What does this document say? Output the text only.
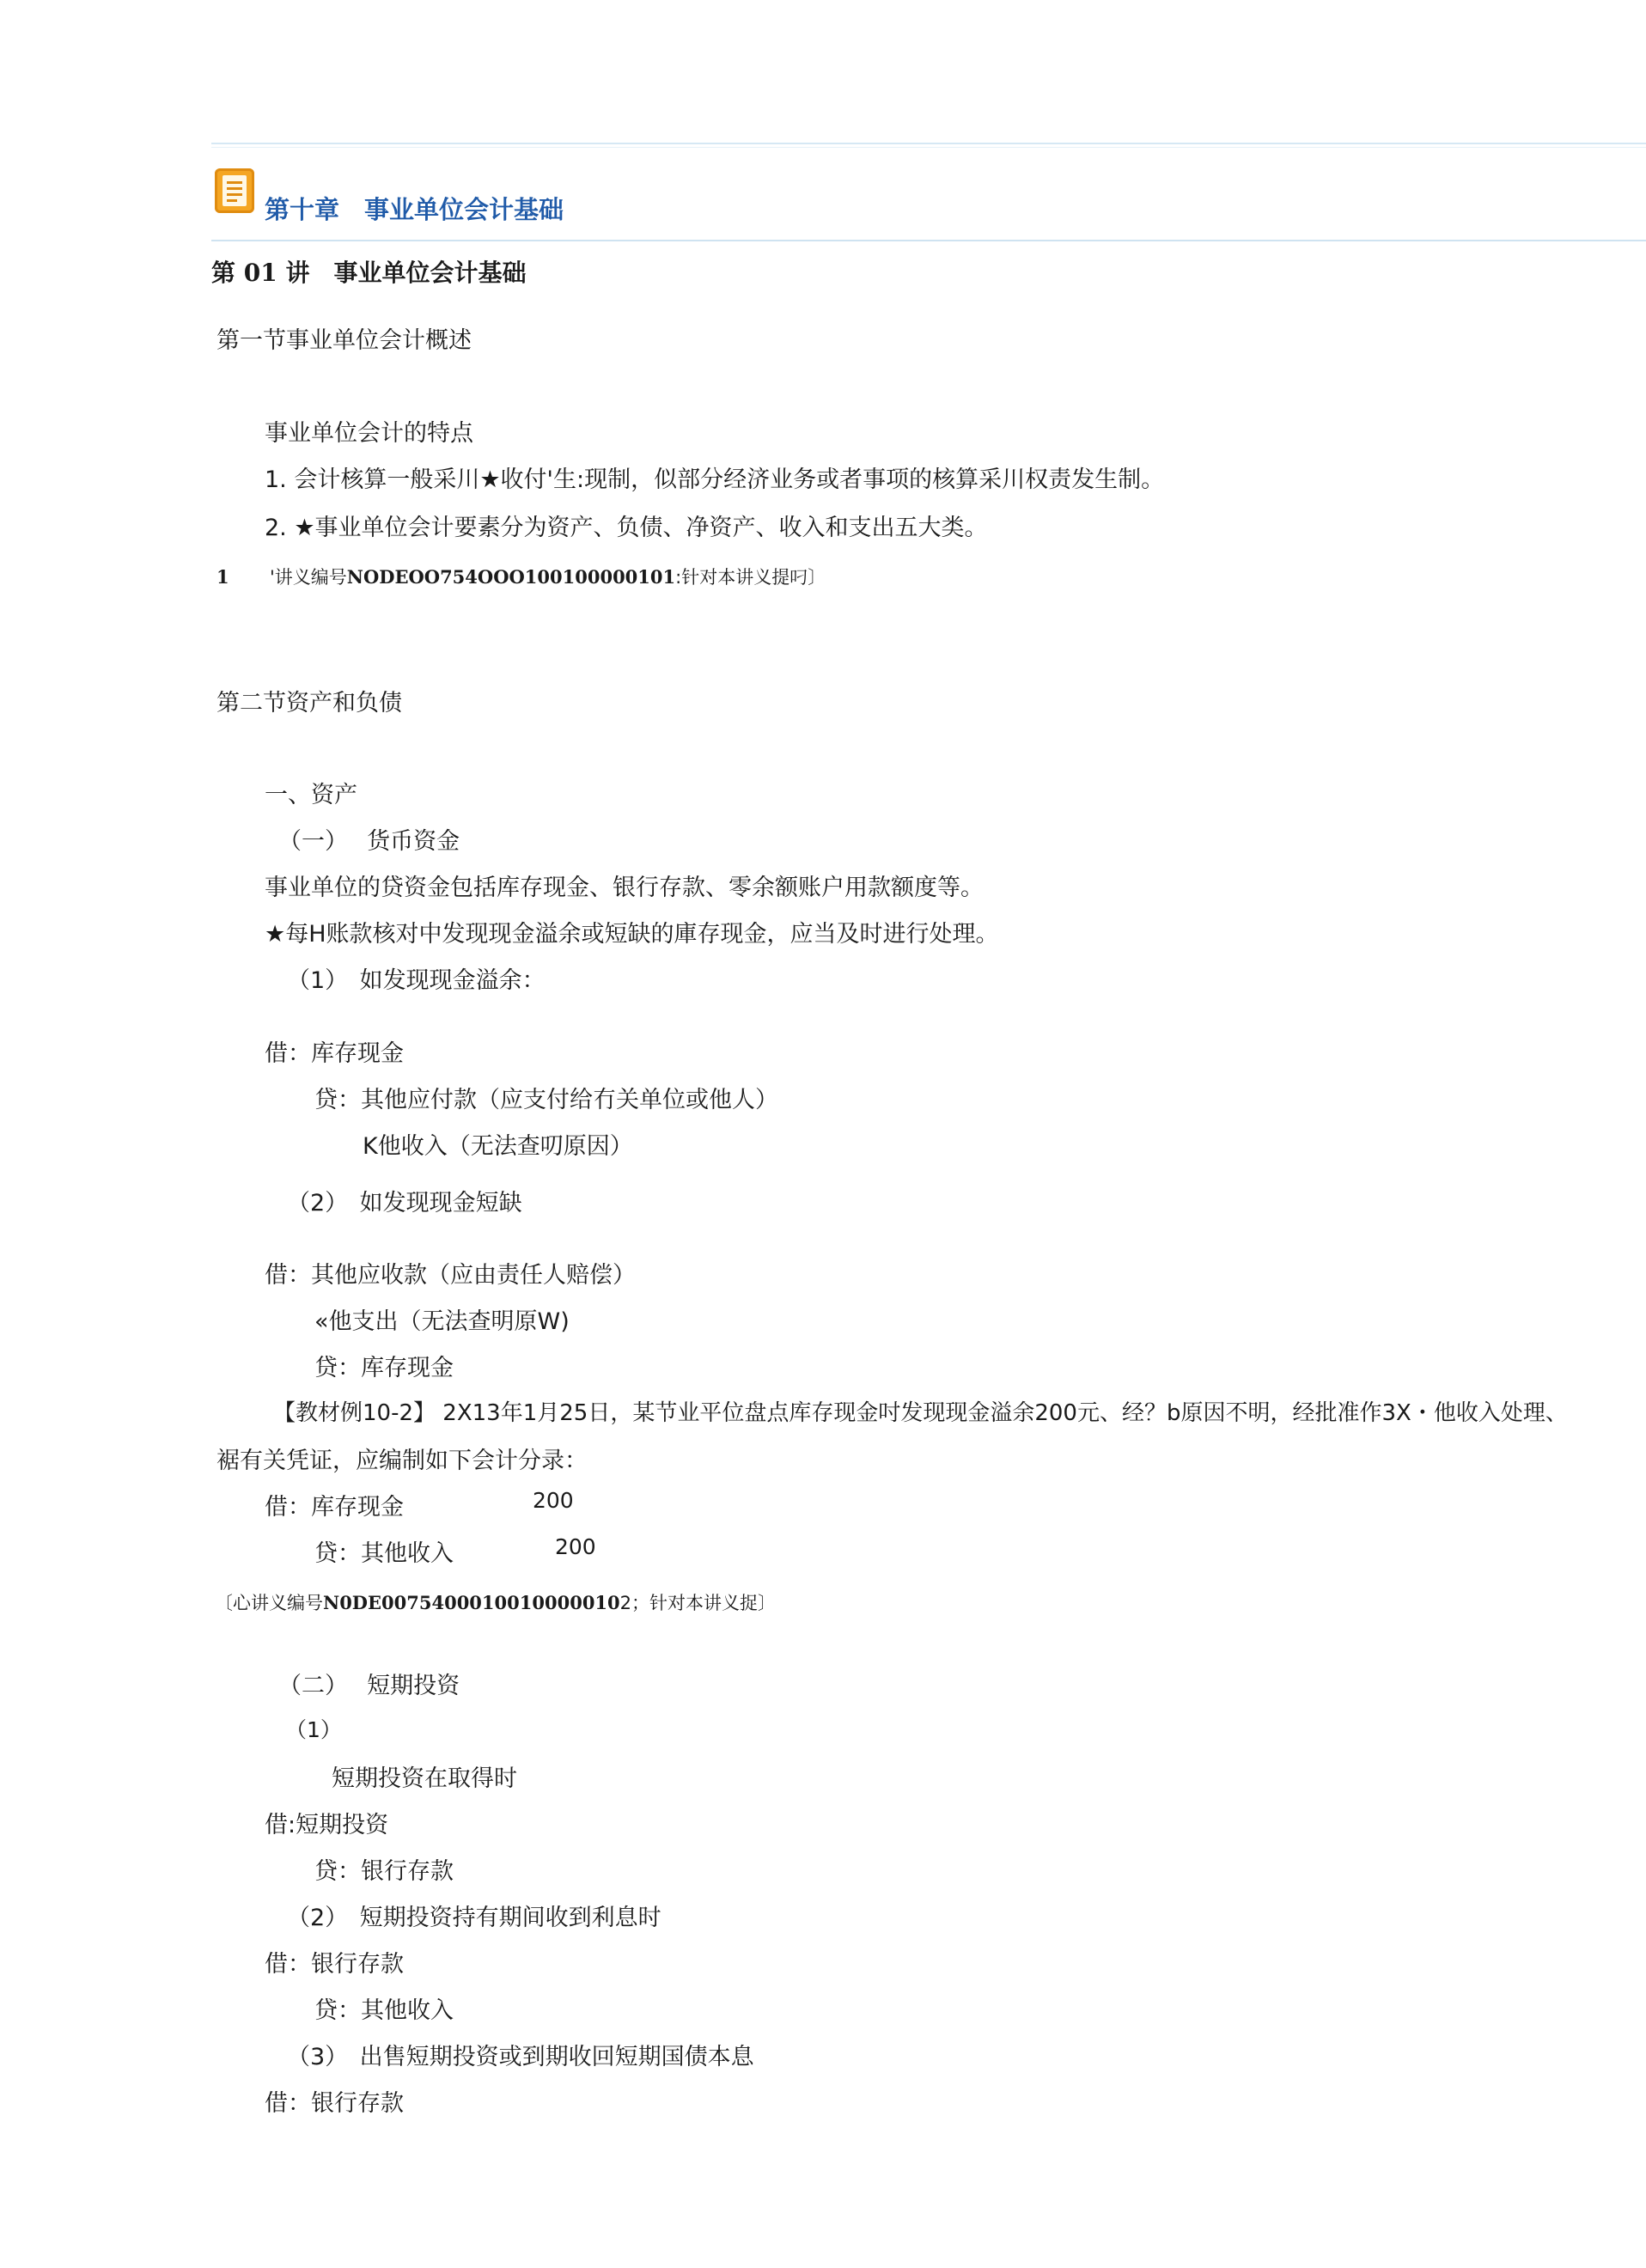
第十章　事业单位会计基础
第 01 讲　事业单位会计基础
第一节事业单位会计概述
事业单位会计的特点
1. 会计核算一般采川★收付'生:现制，似部分经济业务或者事项的核算采川权责发生制。
2. ★事业单位会计要素分为资产、负债、净资产、收入和支出五大类。
1 '讲义编号NODEOO754OOO100100000101:针对本讲义提叼〕
第二节资产和负债
一、资产
（一）　 货币资金
事业单位的贷资金包括库存现金、银行存款、零余额账户用款额度等。
★每H账款核对中发现现金溢余或短缺的庫存现金，应当及时进行处理。
（1）　如发现现金溢余：
借：库存现金
贷：其他应付款（应支付给冇关单位或他人）
K他收入（无法查叨原因）
（2）　如发现现金短缺
借：其他应收款（应由责任人赔偿）
«他支出（无法查明原W)
贷：库存现金
【教材例10-2】 2X13年1月25日，某节业平位盘点库存现金吋发现现金溢余200元、经？b原因不明，经批准作3X・他收入处理、
裾有关凭证，应编制如下会计分录：
借：库存现金	200
贷：其他收入	200
〔心讲义编号N0DE00754000100100000102；针对本讲义捉〕
（二）　 短期投资
（1）
短期投资在取得时
借:短期投资
贷：银行存款
（2）　短期投资持有期间收到利息时
借：银行存款
贷：其他收入
（3）　出售短期投资或到期收回短期国债本息
借：银行存款
